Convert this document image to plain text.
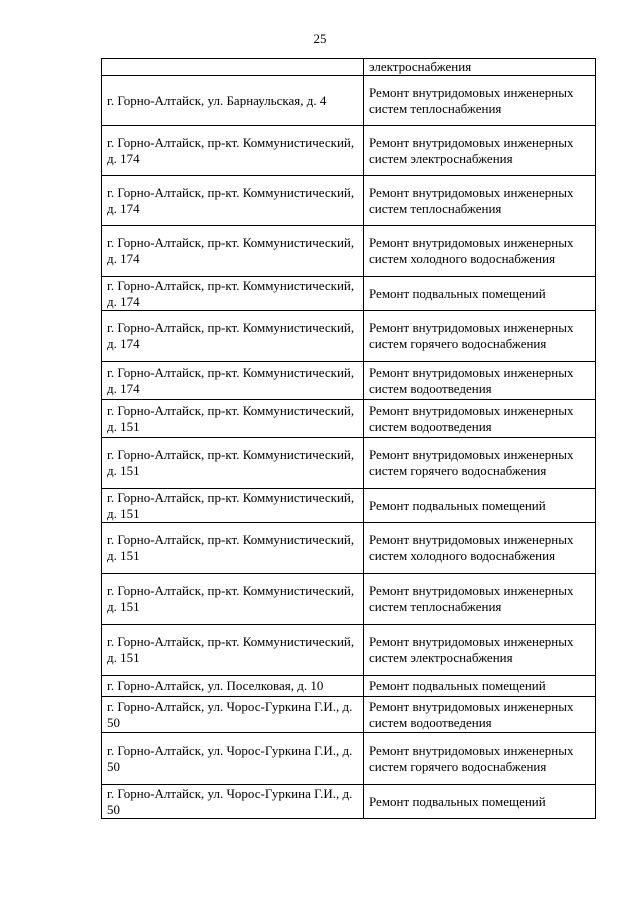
25
	электроснабжения
г. Горно-Алтайск, ул. Барнаульская, д. 4	Ремонт внутридомовых инженерных систем теплоснабжения
г. Горно-Алтайск, пр-кт. Коммунистический, д. 174	Ремонт внутридомовых инженерных систем электроснабжения
г. Горно-Алтайск, пр-кт. Коммунистический, д. 174	Ремонт внутридомовых инженерных систем теплоснабжения
г. Горно-Алтайск, пр-кт. Коммунистический, д. 174	Ремонт внутридомовых инженерных систем холодного водоснабжения
г. Горно-Алтайск, пр-кт. Коммунистический, д. 174	Ремонт подвальных помещений
г. Горно-Алтайск, пр-кт. Коммунистический, д. 174	Ремонт внутридомовых инженерных систем горячего водоснабжения
г. Горно-Алтайск, пр-кт. Коммунистический, д. 174	Ремонт внутридомовых инженерных систем водоотведения
г. Горно-Алтайск, пр-кт. Коммунистический, д. 151	Ремонт внутридомовых инженерных систем водоотведения
г. Горно-Алтайск, пр-кт. Коммунистический, д. 151	Ремонт внутридомовых инженерных систем горячего водоснабжения
г. Горно-Алтайск, пр-кт. Коммунистический, д. 151	Ремонт подвальных помещений
г. Горно-Алтайск, пр-кт. Коммунистический, д. 151	Ремонт внутридомовых инженерных систем холодного водоснабжения
г. Горно-Алтайск, пр-кт. Коммунистический, д. 151	Ремонт внутридомовых инженерных систем теплоснабжения
г. Горно-Алтайск, пр-кт. Коммунистический, д. 151	Ремонт внутридомовых инженерных систем электроснабжения
г. Горно-Алтайск, ул. Поселковая, д. 10	Ремонт подвальных помещений
г. Горно-Алтайск, ул. Чорос-Гуркина Г.И., д. 50	Ремонт внутридомовых инженерных систем водоотведения
г. Горно-Алтайск, ул. Чорос-Гуркина Г.И., д. 50	Ремонт внутридомовых инженерных систем горячего водоснабжения
г. Горно-Алтайск, ул. Чорос-Гуркина Г.И., д. 50	Ремонт подвальных помещений
